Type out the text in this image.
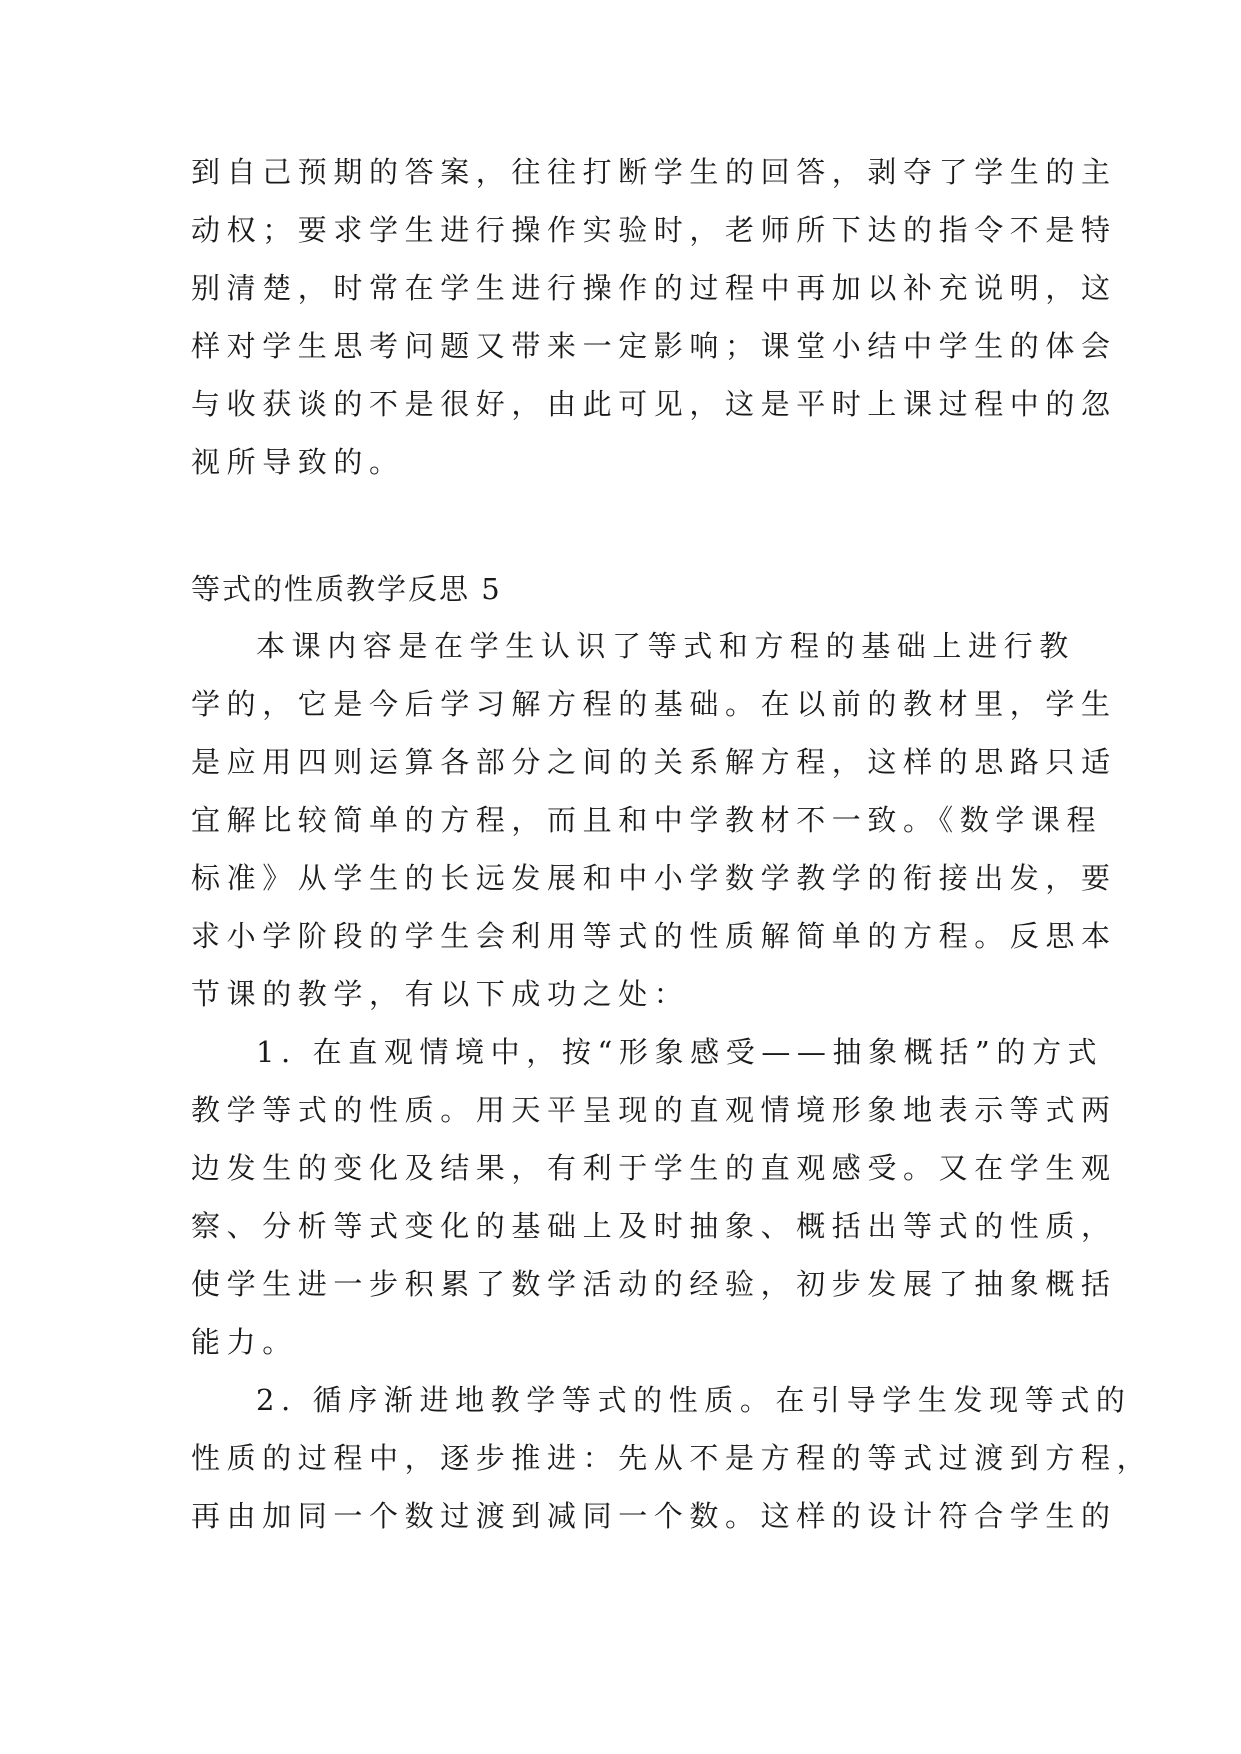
到自己预期的答案，往往打断学生的回答，剥夺了学生的主
动权；要求学生进行操作实验时，老师所下达的指令不是特
别清楚，时常在学生进行操作的过程中再加以补充说明，这
样对学生思考问题又带来一定影响；课堂小结中学生的体会
与收获谈的不是很好，由此可见，这是平时上课过程中的忽
视所导致的。
等式的性质教学反思 5
本课内容是在学生认识了等式和方程的基础上进行教
学的，它是今后学习解方程的基础。在以前的教材里，学生
是应用四则运算各部分之间的关系解方程，这样的思路只适
宜解比较简单的方程，而且和中学教材不一致。《数学课程
标准》从学生的长远发展和中小学数学教学的衔接出发，要
求小学阶段的学生会利用等式的性质解简单的方程。反思本
节课的教学，有以下成功之处：
1. 在直观情境中，按“形象感受——抽象概括”的方式
教学等式的性质。用天平呈现的直观情境形象地表示等式两
边发生的变化及结果，有利于学生的直观感受。又在学生观
察、分析等式变化的基础上及时抽象、概括出等式的性质，
使学生进一步积累了数学活动的经验，初步发展了抽象概括
能力。
2. 循序渐进地教学等式的性质。在引导学生发现等式的
性质的过程中，逐步推进：先从不是方程的等式过渡到方程，
再由加同一个数过渡到减同一个数。这样的设计符合学生的
